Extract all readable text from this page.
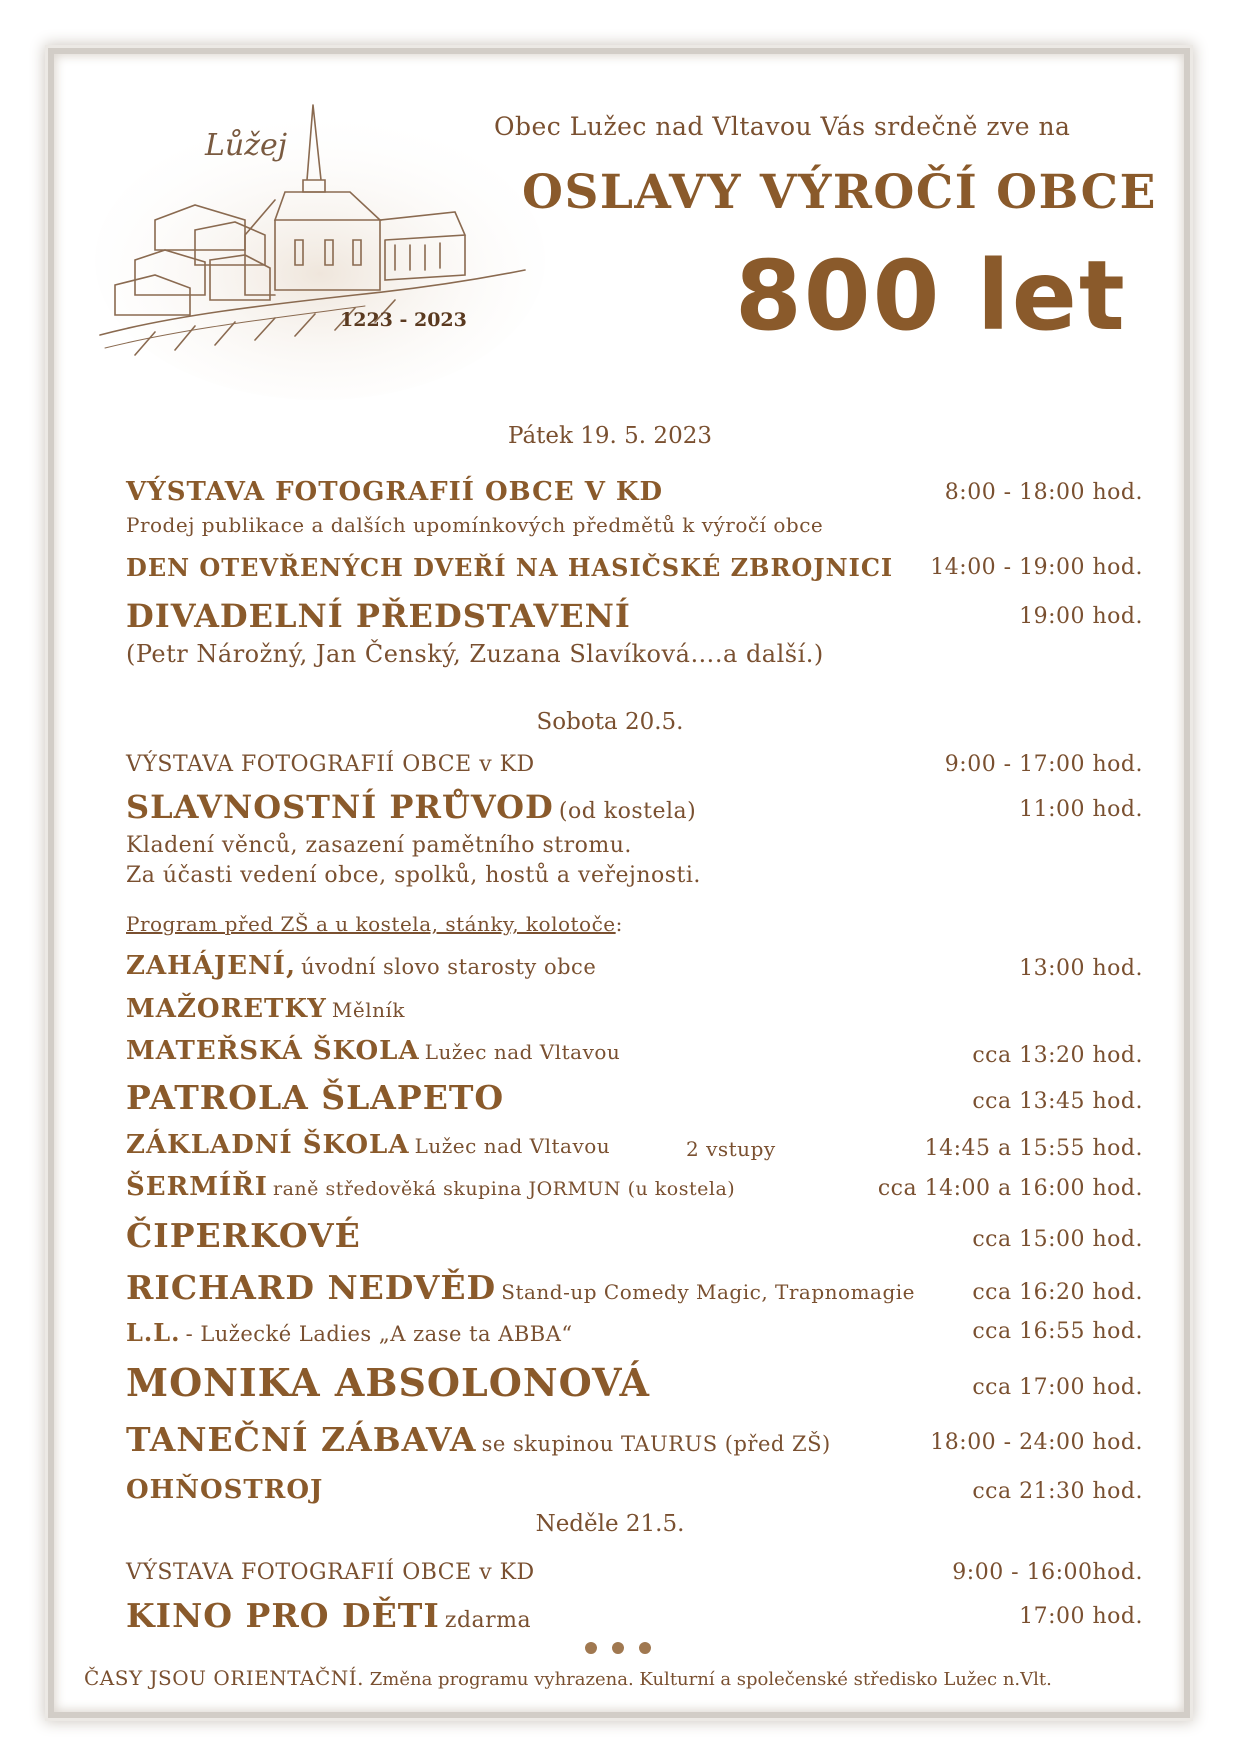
Lůžej
1223 - 2023
Obec Lužec nad Vltavou Vás srdečně zve na
OSLAVY VÝROČÍ OBCE
800 let
Pátek 19. 5. 2023
VÝSTAVA FOTOGRAFIÍ OBCE V KD	8:00 - 18:00 hod.
Prodej publikace a dalších upomínkových předmětů k výročí obce
DEN OTEVŘENÝCH DVEŘÍ NA HASIČSKÉ ZBROJNICI 14:00 - 19:00 hod.
DIVADELNÍ PŘEDSTAVENÍ	19:00 hod.
(Petr Nárožný, Jan Čenský, Zuzana Slavíková….a další.)
Sobota 20.5.
VÝSTAVA FOTOGRAFIÍ OBCE v KD	9:00 - 17:00 hod.
SLAVNOSTNÍ PRŮVOD (od kostela)	11:00 hod.
Kladení věnců, zasazení pamětního stromu.
Za účasti vedení obce, spolků, hostů a veřejnosti.
Program před ZŠ a u kostela, stánky, kolotoče:
ZAHÁJENÍ, úvodní slovo starosty obce	13:00 hod.
MAŽORETKY Mělník
MATEŘSKÁ ŠKOLA Lužec nad Vltavou	cca 13:20 hod.
PATROLA ŠLAPETO	cca 13:45 hod.
ZÁKLADNÍ ŠKOLA Lužec nad Vltavou	2 vstupy	14:45 a 15:55 hod.
ŠERMÍŘI raně středověká skupina JORMUN (u kostela)	cca 14:00 a 16:00 hod.
ČIPERKOVÉ	cca 15:00 hod.
RICHARD NEDVĚD Stand-up Comedy Magic, Trapnomagie	cca 16:20 hod.
L.L. - Lužecké Ladies „A zase ta ABBA“	cca 16:55 hod.
MONIKA ABSOLONOVÁ	cca 17:00 hod.
TANEČNÍ ZÁBAVA se skupinou TAURUS (před ZŠ)	18:00 - 24:00 hod.
OHŇOSTROJ	cca 21:30 hod.
Neděle 21.5.
VÝSTAVA FOTOGRAFIÍ OBCE v KD	9:00 - 16:00hod.
KINO PRO DĚTI zdarma	17:00 hod.
ČASY JSOU ORIENTAČNÍ. Změna programu vyhrazena. Kulturní a společenské středisko Lužec n.Vlt.
